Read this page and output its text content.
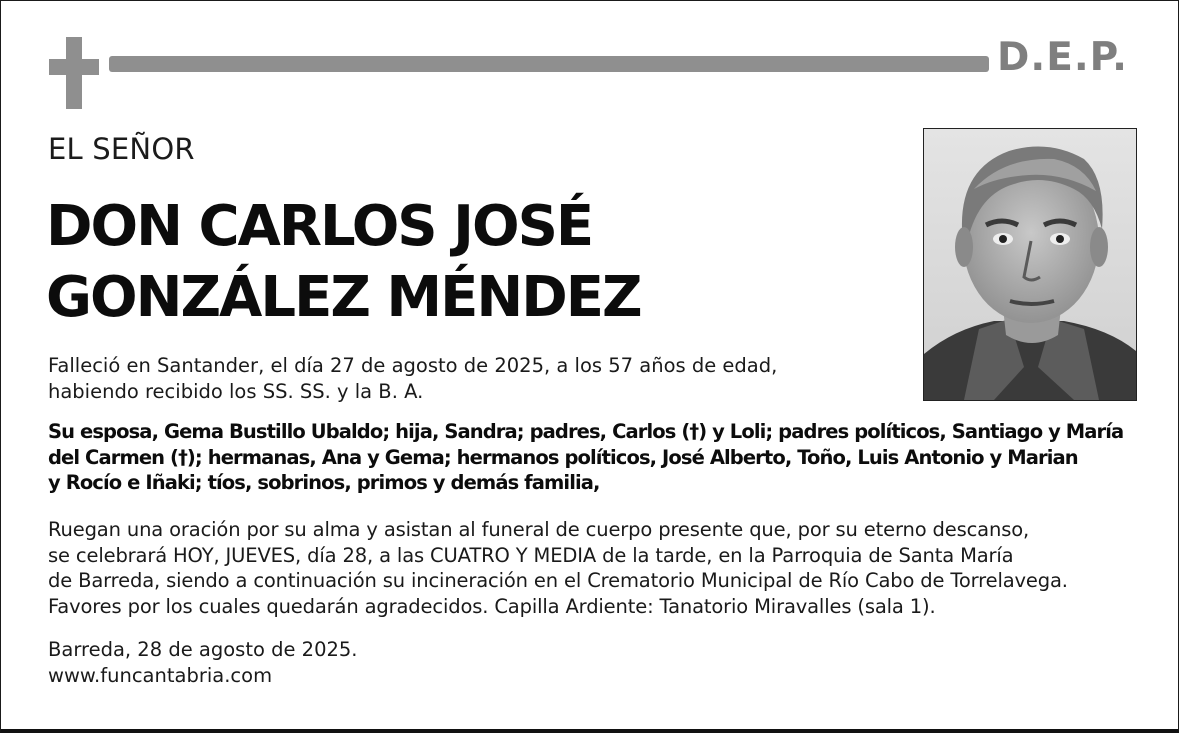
D.E.P.
EL SEÑOR
DON CARLOS JOSÉ
GONZÁLEZ MÉNDEZ
Falleció en Santander, el día 27 de agosto de 2025, a los 57 años de edad,
habiendo recibido los SS. SS. y la B. A.
Su esposa, Gema Bustillo Ubaldo; hija, Sandra; padres, Carlos (†) y Loli; padres políticos, Santiago y María
del Carmen (†); hermanas, Ana y Gema; hermanos políticos, José Alberto, Toño, Luis Antonio y Marian
y Rocío e Iñaki; tíos, sobrinos, primos y demás familia,
Ruegan una oración por su alma y asistan al funeral de cuerpo presente que, por su eterno descanso,
se celebrará HOY, JUEVES, día 28, a las CUATRO Y MEDIA de la tarde, en la Parroquia de Santa María
de Barreda, siendo a continuación su incineración en el Crematorio Municipal de Río Cabo de Torrelavega.
Favores por los cuales quedarán agradecidos. Capilla Ardiente: Tanatorio Miravalles (sala 1).
Barreda, 28 de agosto de 2025.
www.funcantabria.com
